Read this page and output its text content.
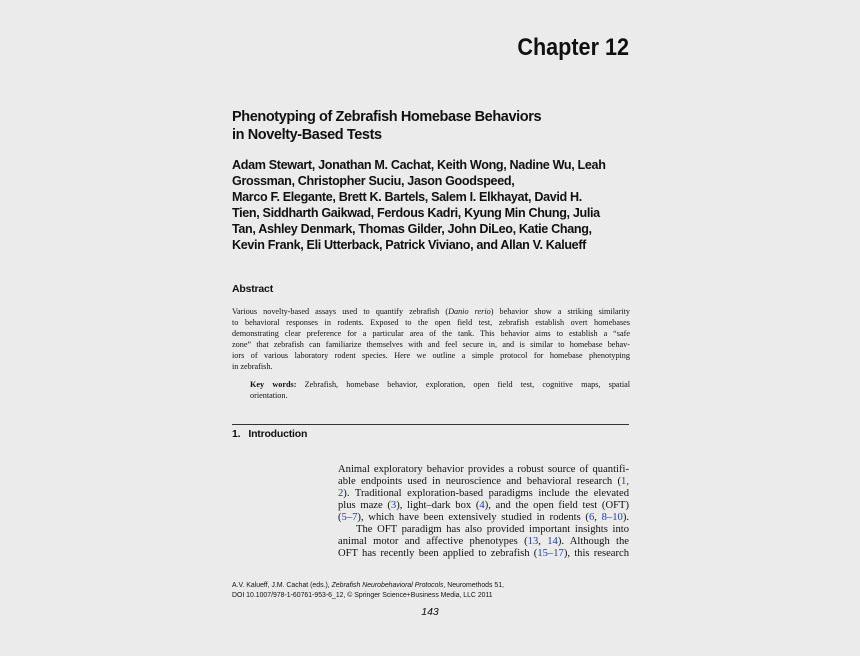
Chapter 12
Phenotyping of Zebrafish Homebase Behaviors
in Novelty-Based Tests
Adam Stewart, Jonathan M. Cachat, Keith Wong, Nadine Wu, Leah
Grossman, Christopher Suciu, Jason Goodspeed,
Marco F. Elegante, Brett K. Bartels, Salem I. Elkhayat, David H.
Tien, Siddharth Gaikwad, Ferdous Kadri, Kyung Min Chung, Julia
Tan, Ashley Denmark, Thomas Gilder, John DiLeo, Katie Chang,
Kevin Frank, Eli Utterback, Patrick Viviano, and Allan V. Kalueff
Abstract
Various novelty-based assays used to quantify zebrafish (Danio rerio) behavior show a striking similarity
to behavioral responses in rodents. Exposed to the open field test, zebrafish establish overt homebases
demonstrating clear preference for a particular area of the tank. This behavior aims to establish a “safe
zone” that zebrafish can familiarize themselves with and feel secure in, and is similar to homebase behav-
iors of various laboratory rodent species. Here we outline a simple protocol for homebase phenotyping
in zebrafish.
Key words: Zebrafish, homebase behavior, exploration, open field test, cognitive maps, spatial
orientation.
1. Introduction
Animal exploratory behavior provides a robust source of quantifi-
able endpoints used in neuroscience and behavioral research (1,
2). Traditional exploration-based paradigms include the elevated
plus maze (3), light–dark box (4), and the open field test (OFT)
(5–7), which have been extensively studied in rodents (6, 8–10).
The OFT paradigm has also provided important insights into
animal motor and affective phenotypes (13, 14). Although the
OFT has recently been applied to zebrafish (15–17), this research
A.V. Kalueff, J.M. Cachat (eds.), Zebrafish Neurobehavioral Protocols, Neuromethods 51,
DOI 10.1007/978-1-60761-953-6_12, © Springer Science+Business Media, LLC 2011
143
